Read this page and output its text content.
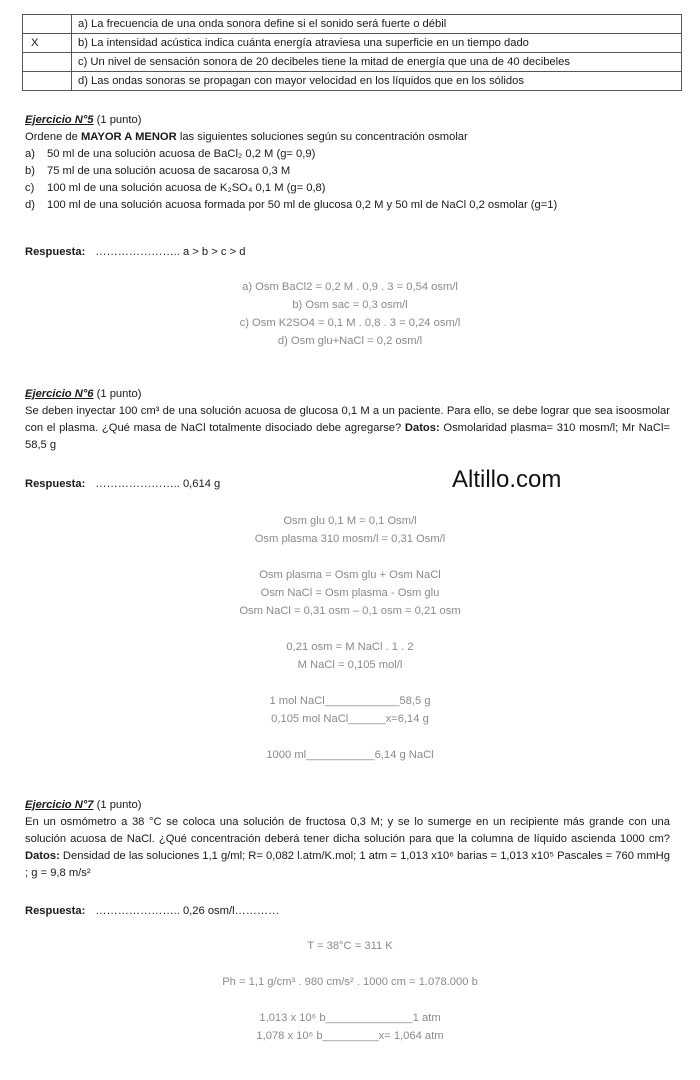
	a) La frecuencia de una onda sonora define si el sonido será fuerte o débil
X	b) La intensidad acústica indica cuánta energía atraviesa una superficie en un tiempo dado
	c) Un nivel de sensación sonora de 20 decibeles tiene la mitad de energía que una de 40 decibeles
	d) Las ondas sonoras se propagan con mayor velocidad en los líquidos que en los sólidos
Ejercicio N°5 (1 punto)
Ordene de MAYOR A MENOR las siguientes soluciones según su concentración osmolar
a)	50 ml de una solución acuosa de BaCl₂ 0,2 M (g= 0,9)
b)	75 ml de una solución acuosa de sacarosa 0,3 M
c)	100 ml de una solución acuosa de K₂SO₄ 0,1 M (g= 0,8)
d)	100 ml de una solución acuosa formada por 50 ml de glucosa 0,2 M y 50 ml de NaCl 0,2 osmolar (g=1)
Respuesta: ………………….. a > b > c > d
a) Osm BaCl2 = 0,2 M . 0,9 . 3 = 0,54 osm/l
b) Osm sac = 0,3 osm/l
c) Osm K2SO4 = 0,1 M . 0,8 . 3 = 0,24 osm/l
d) Osm glu+NaCl = 0,2 osm/l
Ejercicio N°6 (1 punto)
Se deben inyectar 100 cm³ de una solución acuosa de glucosa 0,1 M a un paciente. Para ello, se debe lograr que sea isoosmolar con el plasma. ¿Qué masa de NaCl totalmente disociado debe agregarse? Datos: Osmolaridad plasma= 310 mosm/l; Mr NaCl= 58,5 g
Respuesta: ………………….. 0,614 g	Altillo.com
Osm glu 0,1 M = 0,1 Osm/l
Osm plasma 310 mosm/l = 0,31 Osm/l
Osm plasma = Osm glu + Osm NaCl
Osm NaCl = Osm plasma - Osm glu
Osm NaCl = 0,31 osm – 0,1 osm = 0,21 osm
0,21 osm = M NaCl . 1 . 2
M NaCl = 0,105 mol/l
1 mol NaCl____________58,5 g
0,105 mol NaCl______x=6,14 g
1000 ml___________6,14 g NaCl
Ejercicio N°7 (1 punto)
En un osmómetro a 38 °C se coloca una solución de fructosa 0,3 M; y se lo sumerge en un recipiente más grande con una solución acuosa de NaCl. ¿Qué concentración deberá tener dicha solución para que la columna de líquido ascienda 1000 cm? Datos: Densidad de las soluciones 1,1 g/ml; R= 0,082 l.atm/K.mol; 1 atm = 1,013 x10⁶ barias = 1,013 x10⁵ Pascales = 760 mmHg ; g = 9,8 m/s²
Respuesta: ………………….. 0,26 osm/l…………
T = 38°C = 311 K
Ph = 1,1 g/cm³ . 980 cm/s² . 1000 cm = 1.078.000 b
1,013 x 10⁶ b______________1 atm
1,078 x 10⁶ b_________x= 1,064 atm
